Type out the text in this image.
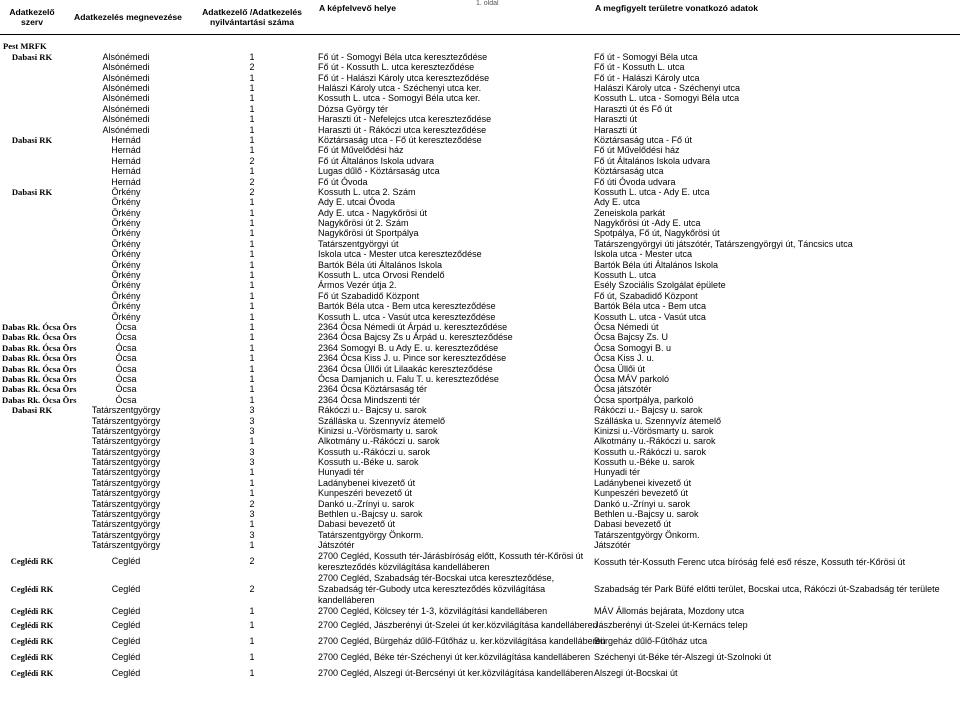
1. oldal
Adatkezelő szerv	Adatkezelés megnevezése	Adatkezelő /Adatkezelés nyilvántartási száma	A képfelvevő helye	A megfigyelt területre vonatkozó adatok

Pest MRFK				
Dabasi RK	Alsónémedi	1	Fő út - Somogyi Béla utca kereszteződése	Fő út - Somogyi Béla utca
	Alsónémedi	2	Fő út - Kossuth L. utca kereszteződése	Fő út - Kossuth L. utca
	Alsónémedi	1	Fő út - Halászi Károly utca kereszteződése	Fő út - Halászi Károly utca
	Alsónémedi	1	Halászi Károly utca - Széchenyi utca ker.	Halászi Károly utca - Széchenyi utca
	Alsónémedi	1	Kossuth L. utca - Somogyi Béla utca ker.	Kossuth L. utca - Somogyi Béla utca
	Alsónémedi	1	Dózsa György tér	Haraszti út és Fő út
	Alsónémedi	1	Haraszti út - Nefelejcs utca kereszteződése	Haraszti út
	Alsónémedi	1	Haraszti út - Rákóczi utca kereszteződése	Haraszti út
Dabasi RK	Hernád	1	Köztársaság utca - Fő út kereszteződése	Köztársaság utca - Fő út
	Hernád	1	Fő út Művelődési ház	Fő út Művelődési ház
	Hernád	2	Fő út Általános Iskola udvara	Fő út Általános Iskola udvara
	Hernád	1	Lugas dűlő - Köztársaság utca	Köztársaság utca
	Hernád	2	Fő út Óvoda	Fő úti Óvoda udvara
Dabasi RK	Örkény	2	Kossuth L. utca 2. Szám	Kossuth L. utca - Ady E. utca
	Örkény	1	Ady E. utcai Óvoda	Ady E. utca
	Örkény	1	Ady E. utca - Nagykőrösi út	Zeneiskola parkát
	Örkény	1	Nagykőrösi út 2. Szám	Nagykőrösi út -Ady E. utca
	Örkény	1	Nagykőrösi út Sportpálya	Spotpálya, Fő út, Nagykőrösi út
	Örkény	1	Tatárszentgyörgyi út	Tatárszengyörgyi úti játszótér, Tatárszengyörgyi út, Táncsics utca
	Örkény	1	Iskola utca - Mester utca kereszteződése	Iskola utca - Mester utca
	Örkény	1	Bartók Béla úti Általános Iskola	Bartók Béla úti Általános Iskola
	Örkény	1	Kossuth L. utca Orvosi Rendelő	Kossuth L. utca
	Örkény	1	Ármos Vezér útja 2.	Esély Szociális Szolgálat épülete
	Örkény	1	Fő út Szabadidő Központ	Fő út, Szabadidő Központ
	Örkény	1	Bartók Béla utca - Bem utca kereszteződése	Bartók Béla utca - Bem utca
	Örkény	1	Kossuth L. utca - Vasút utca kereszteződése	Kossuth L. utca - Vasút utca
Dabas Rk. Ócsa Örs	Ócsa	1	2364 Ócsa Némedi út Árpád u. kereszteződése	Ócsa Némedi út
Dabas Rk. Ócsa Örs	Ócsa	1	2364 Ócsa Bajcsy Zs u Árpád u. kereszteződése	Ócsa Bajcsy Zs. U
Dabas Rk. Ócsa Örs	Ócsa	1	2364 Somogyi B. u Ady E. u. kereszteződése	Ócsa Somogyi B. u
Dabas Rk. Ócsa Örs	Ócsa	1	2364 Ócsa Kiss J. u. Pince sor kereszteződése	Ócsa Kiss J. u.
Dabas Rk. Ócsa Örs	Ócsa	1	2364 Ócsa Üllői út Lilaakác kereszteződése	Ócsa Üllői út
Dabas Rk. Ócsa Örs	Ócsa	1	Ócsa Damjanich u. Falu T. u. kereszteződése	Ócsa MÁV parkoló
Dabas Rk. Ócsa Örs	Ócsa	1	2364 Ócsa Köztársaság tér	Ócsa játszótér
Dabas Rk. Ócsa Örs	Ócsa	1	2364 Ócsa Mindszenti tér	Ócsa sportpálya, parkoló
Dabasi RK	Tatárszentgyörgy	3	Rákóczi u.- Bajcsy u. sarok	Rákóczi u.- Bajcsy u. sarok
	Tatárszentgyörgy	3	Szálláska u. Szennyvíz átemelő	Szálláska u. Szennyvíz átemelő
	Tatárszentgyörgy	3	Kinizsi u.-Vörösmarty u. sarok	Kinizsi u.-Vörösmarty u. sarok
	Tatárszentgyörgy	1	Alkotmány u.-Rákóczi u. sarok	Alkotmány u.-Rákóczi u. sarok
	Tatárszentgyörgy	3	Kossuth u.-Rákóczi u. sarok	Kossuth u.-Rákóczi u. sarok
	Tatárszentgyörgy	3	Kossuth u.-Béke u. sarok	Kossuth u.-Béke u. sarok
	Tatárszentgyörgy	1	Hunyadi tér	Hunyadi tér
	Tatárszentgyörgy	1	Ladánybenei kivezető út	Ladánybenei kivezető út
	Tatárszentgyörgy	1	Kunpeszéri bevezető út	Kunpeszéri bevezető út
	Tatárszentgyörgy	2	Dankó u.-Zrínyi u. sarok	Dankó u.-Zrínyi u. sarok
	Tatárszentgyörgy	3	Bethlen u.-Bajcsy u. sarok	Bethlen u.-Bajcsy u. sarok
	Tatárszentgyörgy	1	Dabasi bevezető út	Dabasi bevezető út
	Tatárszentgyörgy	3	Tatárszentgyörgy Önkorm.	Tatárszentgyörgy Önkorm.
	Tatárszentgyörgy	1	Játszótér	Játszótér
Ceglédi RK	Cegléd	2	2700 Cegléd, Kossuth tér-Járásbíróság előtt, Kossuth tér-Kőrösi út kereszteződés közvilágítása kandelláberen	Kossuth tér-Kossuth Ferenc utca bíróság felé eső része, Kossuth tér-Kőrösi út
Ceglédi RK	Cegléd	2	2700 Cegléd, Szabadság tér-Bocskai utca kereszteződése, Szabadság tér-Gubody utca kereszteződés közvilágítása kandelláberen	Szabadság tér Park Büfé előtti terület, Bocskai utca, Rákóczi út-Szabadság tér területe
Ceglédi RK	Cegléd	1	2700 Cegléd, Kölcsey tér 1-3, közvilágítási kandelláberen	MÁV Állomás bejárata, Mozdony utca
Ceglédi RK	Cegléd	1	2700 Cegléd, Jászberényi út-Szelei út ker.közvilágítása kandelláberen	Jászberényi út-Szelei út-Kernács telep
Ceglédi RK	Cegléd	1	2700 Cegléd, Bürgeház dűlő-Fűtőház u. ker.közvilágítása kandelláberen	Bürgeház dűlő-Fűtőház utca
Ceglédi RK	Cegléd	1	2700 Cegléd, Béke tér-Széchenyi út ker.közvilágítása kandelláberen	Széchenyi út-Béke tér-Alszegi út-Szolnoki út
Ceglédi RK	Cegléd	1	2700 Cegléd, Alszegi út-Bercsényi út ker.közvilágítása kandelláberen	Alszegi út-Bocskai út
